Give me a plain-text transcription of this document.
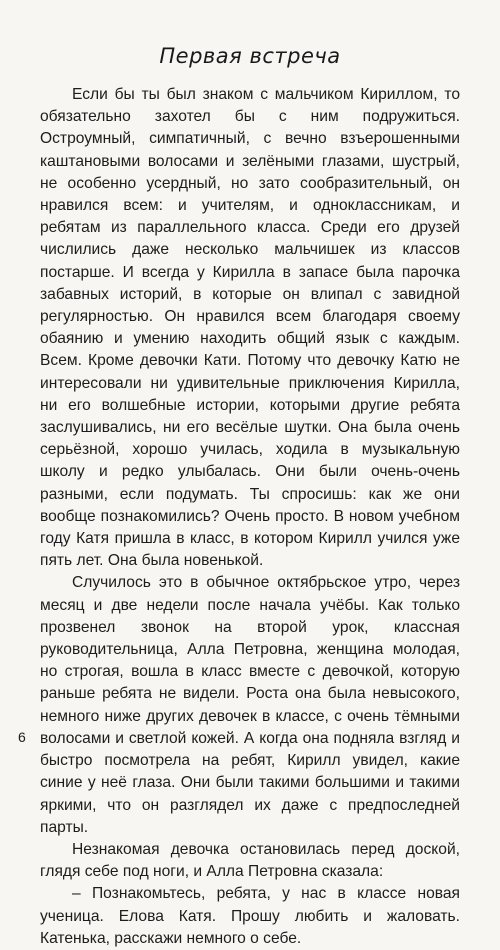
Первая встреча

Если бы ты был знаком с мальчиком Кириллом, то обязательно захотел бы с ним подружиться. Остроумный, симпатичный, с вечно взъерошенными каштановыми волосами и зелёными глазами, шустрый, не особенно усердный, но зато сообразительный, он нравился всем: и учителям, и одноклассникам, и ребятам из параллельного класса. Среди его друзей числились даже несколько мальчишек из классов постарше. И всегда у Кирилла в запасе была парочка забавных историй, в которые он влипал с завидной регулярностью. Он нравился всем благодаря своему обаянию и умению находить общий язык с каждым. Всем. Кроме девочки Кати. Потому что девочку Катю не интересовали ни удивительные приключения Кирилла, ни его волшебные истории, которыми другие ребята заслушивались, ни его весёлые шутки. Она была очень серьёзной, хорошо училась, ходила в музыкальную школу и редко улыбалась. Они были очень-очень разными, если подумать. Ты спросишь: как же они вообще познакомились? Очень просто. В новом учебном году Катя пришла в класс, в котором Кирилл учился уже пять лет. Она была новенькой.

Случилось это в обычное октябрьское утро, через месяц и две недели после начала учёбы. Как только прозвенел звонок на второй урок, классная руководительница, Алла Петровна, женщина молодая, но строгая, вошла в класс вместе с девочкой, которую раньше ребята не видели. Роста она была невысокого, немного ниже других девочек в классе, с очень тёмными волосами и светлой кожей. А когда она подняла взгляд и быстро посмотрела на ребят, Кирилл увидел, какие синие у неё глаза. Они были такими большими и такими яркими, что он разглядел их даже с предпоследней парты.

Незнакомая девочка остановилась перед доской, глядя себе под ноги, и Алла Петровна сказала:

– Познакомьтесь, ребята, у нас в классе новая ученица. Елова Катя. Прошу любить и жаловать. Катенька, расскажи немного о себе.

6
